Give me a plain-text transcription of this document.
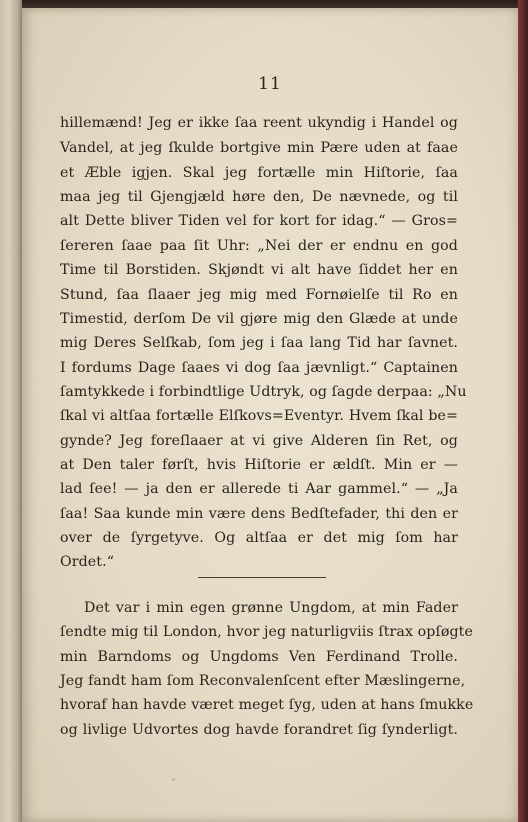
11
hillemænd! Jeg er ikke ſaa reent ukyndig i Handel og
Vandel, at jeg ſkulde bortgive min Pære uden at faae
et Æble igjen. Skal jeg fortælle min Hiſtorie, ſaa
maa jeg til Gjengjæld høre den, De nævnede, og til
alt Dette bliver Tiden vel for kort for idag.“ — Gros=
ſereren ſaae paa ſit Uhr: „Nei der er endnu en god
Time til Borstiden. Skjøndt vi alt have ſiddet her en
Stund, ſaa ſlaaer jeg mig med Fornøielſe til Ro en
Timestid, derſom De vil gjøre mig den Glæde at unde
mig Deres Selſkab, ſom jeg i ſaa lang Tid har ſavnet.
I fordums Dage ſaaes vi dog ſaa jævnligt.“ Captainen
ſamtykkede i forbindtlige Udtryk, og ſagde derpaa: „Nu
ſkal vi altſaa fortælle Elſkovs=Eventyr. Hvem ſkal be=
gynde? Jeg foreſlaaer at vi give Alderen ſin Ret, og
at Den taler førſt, hvis Hiſtorie er ældſt. Min er —
lad ſee! — ja den er allerede ti Aar gammel.“ — „Ja
ſaa! Saa kunde min være dens Bedſtefader, thi den er
over de ſyrgetyve. Og altſaa er det mig ſom har
Ordet.“
Det var i min egen grønne Ungdom, at min Fader
ſendte mig til London, hvor jeg naturligviis ſtrax opſøgte
min Barndoms og Ungdoms Ven Ferdinand Trolle.
Jeg fandt ham ſom Reconvalenſcent efter Mæslingerne,
hvoraf han havde været meget ſyg, uden at hans ſmukke
og livlige Udvortes dog havde forandret ſig ſynderligt.
